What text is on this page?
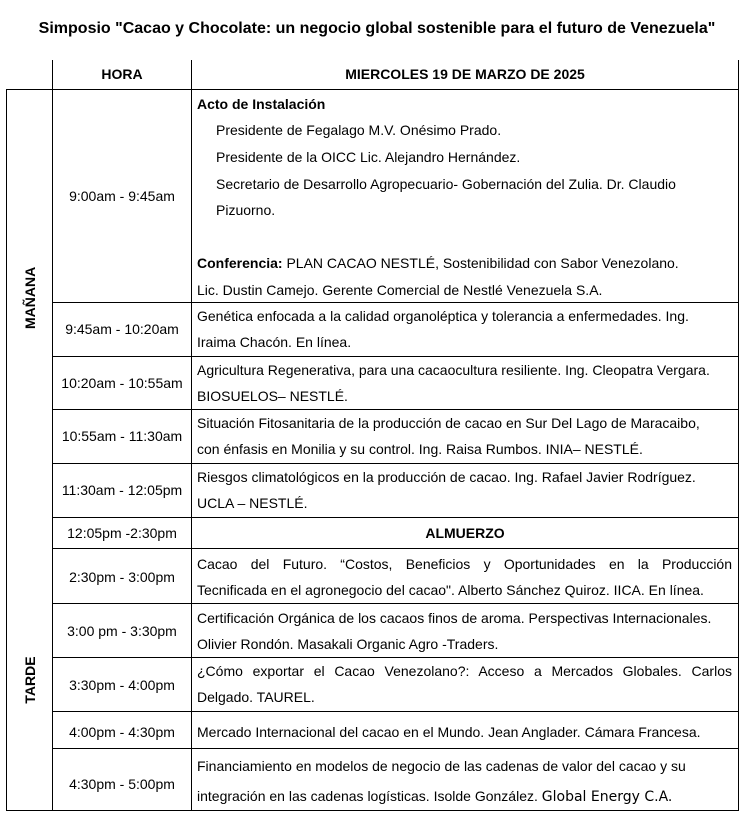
Simposio "Cacao y Chocolate: un negocio global sostenible para el futuro de Venezuela"
HORA	MIERCOLES 19 DE MARZO DE 2025
MAÑANA
TARDE
9:00am - 9:45am
9:45am - 10:20am
10:20am - 10:55am
10:55am - 11:30am
11:30am - 12:05pm
12:05pm -2:30pm
2:30pm - 3:00pm
3:00 pm - 3:30pm
3:30pm - 4:00pm
4:00pm - 4:30pm
4:30pm - 5:00pm
Acto de Instalación
Presidente de Fegalago M.V. Onésimo Prado.
Presidente de la OICC Lic. Alejandro Hernández.
Secretario de Desarrollo Agropecuario- Gobernación del Zulia. Dr. Claudio
Pizuorno.
Conferencia: PLAN CACAO NESTLÉ, Sostenibilidad con Sabor Venezolano.
Lic. Dustin Camejo. Gerente Comercial de Nestlé Venezuela S.A.
Genética enfocada a la calidad organoléptica y tolerancia a enfermedades. Ing.
Iraima Chacón. En línea.
Agricultura Regenerativa, para una cacaocultura resiliente. Ing. Cleopatra Vergara.
BIOSUELOS– NESTLÉ.
Situación Fitosanitaria de la producción de cacao en Sur Del Lago de Maracaibo,
con énfasis en Monilia y su control. Ing. Raisa Rumbos. INIA– NESTLÉ.
Riesgos climatológicos en la producción de cacao. Ing. Rafael Javier Rodríguez.
UCLA – NESTLÉ.
ALMUERZO
Cacao del Futuro. “Costos, Beneficios y Oportunidades en la Producción
Tecnificada en el agronegocio del cacao". Alberto Sánchez Quiroz. IICA. En línea.
Certificación Orgánica de los cacaos finos de aroma. Perspectivas Internacionales.
Olivier Rondón. Masakali Organic Agro -Traders.
¿Cómo exportar el Cacao Venezolano?: Acceso a Mercados Globales. Carlos
Delgado. TAUREL.
Mercado Internacional del cacao en el Mundo. Jean Anglader. Cámara Francesa.
Financiamiento en modelos de negocio de las cadenas de valor del cacao y su
integración en las cadenas logísticas. Isolde González. Global Energy C.A.
